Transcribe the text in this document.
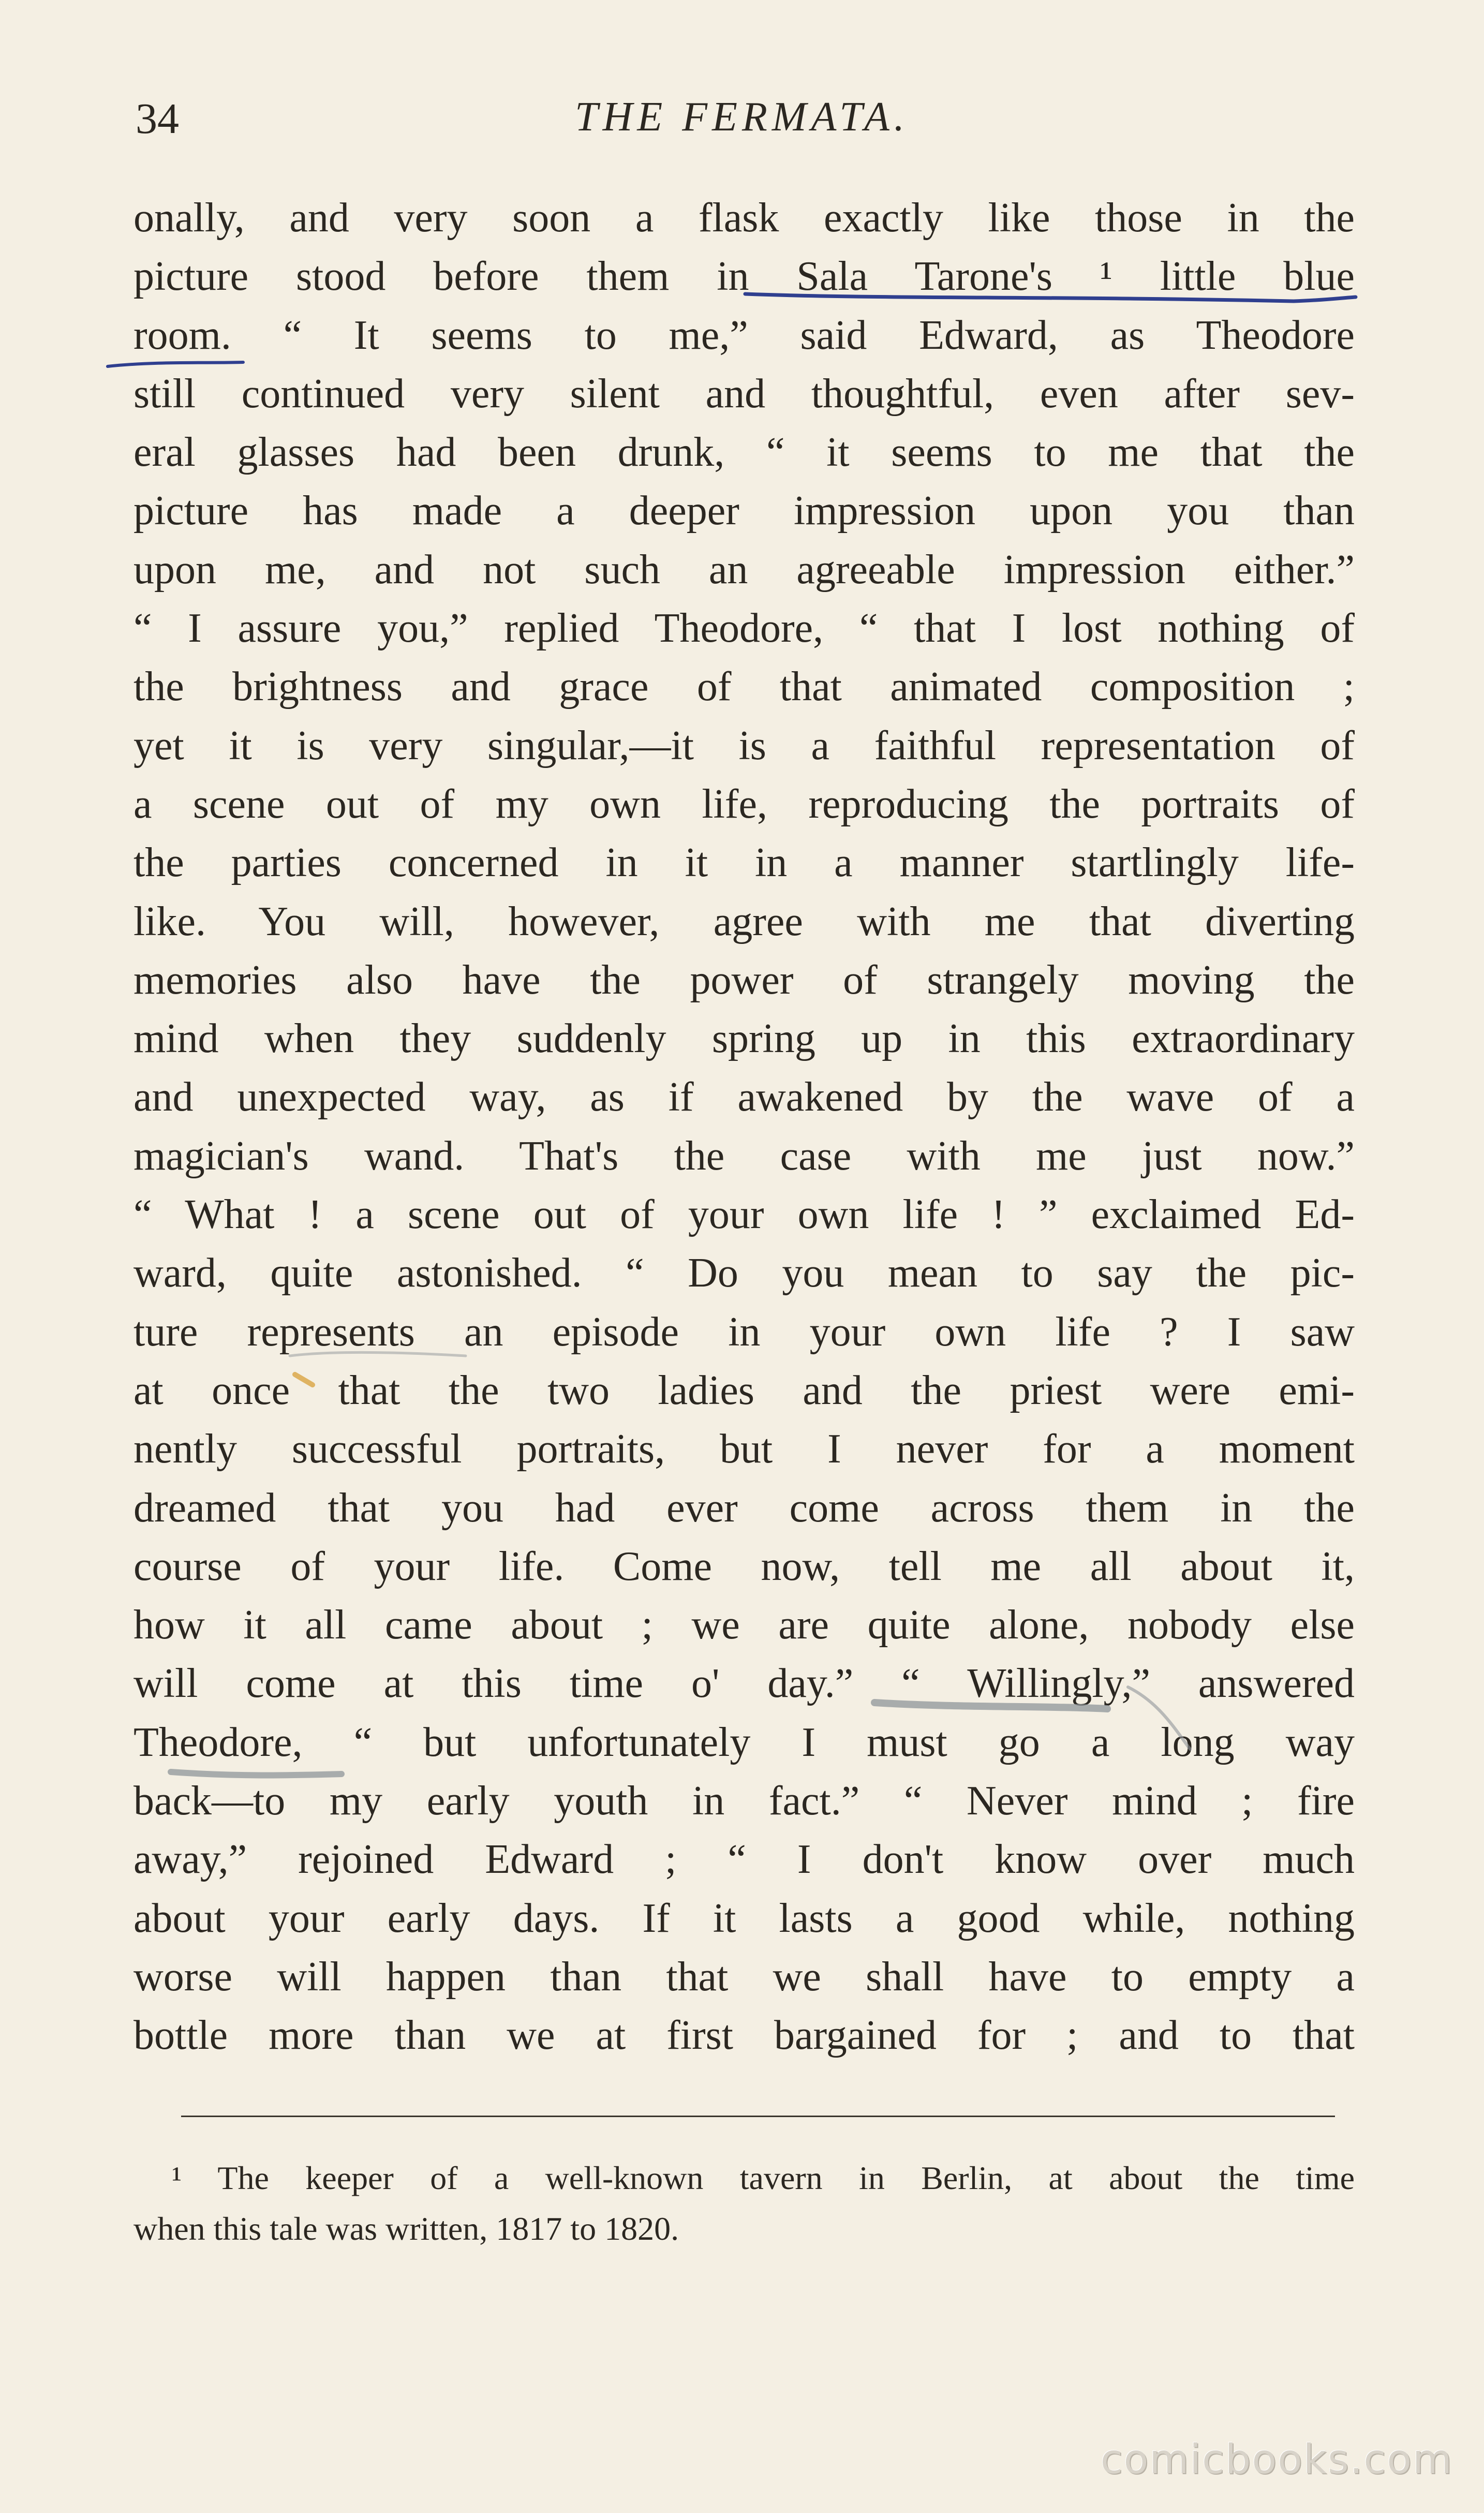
34	THE FERMATA.
onally, and very soon a flask exactly like those in the
picture stood before them in Sala Tarone's ¹ little blue
room. “ It seems to me,” said Edward, as Theodore
still continued very silent and thoughtful, even after sev-
eral glasses had been drunk, “ it seems to me that the
picture has made a deeper impression upon you than
upon me, and not such an agreeable impression either.”
“ I assure you,” replied Theodore, “ that I lost nothing of
the brightness and grace of that animated composition ;
yet it is very singular,—it is a faithful representation of
a scene out of my own life, reproducing the portraits of
the parties concerned in it in a manner startlingly life-
like. You will, however, agree with me that diverting
memories also have the power of strangely moving the
mind when they suddenly spring up in this extraordinary
and unexpected way, as if awakened by the wave of a
magician's wand. That's the case with me just now.”
“ What ! a scene out of your own life ! ” exclaimed Ed-
ward, quite astonished. “ Do you mean to say the pic-
ture represents an episode in your own life ? I saw
at once that the two ladies and the priest were emi-
nently successful portraits, but I never for a moment
dreamed that you had ever come across them in the
course of your life. Come now, tell me all about it,
how it all came about ; we are quite alone, nobody else
will come at this time o' day.” “ Willingly,” answered
Theodore, “ but unfortunately I must go a long way
back—to my early youth in fact.” “ Never mind ; fire
away,” rejoined Edward ; “ I don't know over much
about your early days. If it lasts a good while, nothing
worse will happen than that we shall have to empty a
bottle more than we at first bargained for ; and to that
¹ The keeper of a well-known tavern in Berlin, at about the time
when this tale was written, 1817 to 1820.
comicbooks.com
